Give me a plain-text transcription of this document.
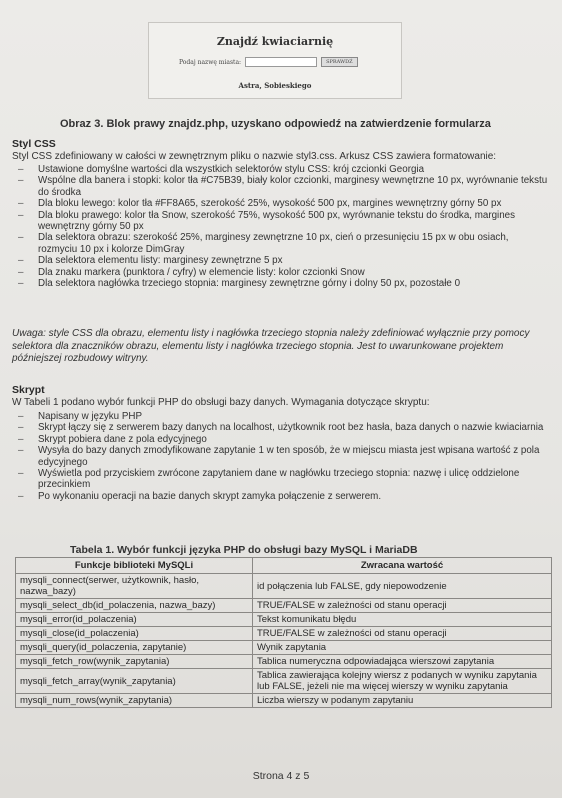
Znajdź kwiaciarnię
Podaj nazwę miasta:	SPRAWDŹ
Astra, Sobieskiego
Obraz 3. Blok prawy znajdz.php, uzyskano odpowiedź na zatwierdzenie formularza
Styl CSS
Styl CSS zdefiniowany w całości w zewnętrznym pliku o nazwie styl3.css. Arkusz CSS zawiera formatowanie:
– Ustawione domyślne wartości dla wszystkich selektorów stylu CSS: krój czcionki Georgia
– Wspólne dla banera i stopki: kolor tła #C75B39, biały kolor czcionki, marginesy wewnętrzne 10 px, wyrównanie tekstu do środka
– Dla bloku lewego: kolor tła #FF8A65, szerokość 25%, wysokość 500 px, margines wewnętrzny górny 50 px
– Dla bloku prawego: kolor tła Snow, szerokość 75%, wysokość 500 px, wyrównanie tekstu do środka, margines wewnętrzny górny 50 px
– Dla selektora obrazu: szerokość 25%, marginesy zewnętrzne 10 px, cień o przesunięciu 15 px w obu osiach, rozmyciu 10 px i kolorze DimGray
– Dla selektora elementu listy: marginesy zewnętrzne 5 px
– Dla znaku markera (punktora / cyfry) w elemencie listy: kolor czcionki Snow
– Dla selektora nagłówka trzeciego stopnia: marginesy zewnętrzne górny i dolny 50 px, pozostałe 0
Uwaga: style CSS dla obrazu, elementu listy i nagłówka trzeciego stopnia należy zdefiniować wyłącznie przy pomocy selektora dla znaczników obrazu, elementu listy i nagłówka trzeciego stopnia. Jest to uwarunkowane projektem późniejszej rozbudowy witryny.
Skrypt
W Tabeli 1 podano wybór funkcji PHP do obsługi bazy danych. Wymagania dotyczące skryptu:
– Napisany w języku PHP
– Skrypt łączy się z serwerem bazy danych na localhost, użytkownik root bez hasła, baza danych o nazwie kwiaciarnia
– Skrypt pobiera dane z pola edycyjnego
– Wysyła do bazy danych zmodyfikowane zapytanie 1 w ten sposób, że w miejscu miasta jest wpisana wartość z pola edycyjnego
– Wyświetla pod przyciskiem zwrócone zapytaniem dane w nagłówku trzeciego stopnia: nazwę i ulicę oddzielone przecinkiem
– Po wykonaniu operacji na bazie danych skrypt zamyka połączenie z serwerem.
Tabela 1. Wybór funkcji języka PHP do obsługi bazy MySQL i MariaDB
Funkcje biblioteki MySQLi	Zwracana wartość
mysqli_connect(serwer, użytkownik, hasło, nazwa_bazy)	id połączenia lub FALSE, gdy niepowodzenie
mysqli_select_db(id_polaczenia, nazwa_bazy)	TRUE/FALSE w zależności od stanu operacji
mysqli_error(id_polaczenia)	Tekst komunikatu błędu
mysqli_close(id_polaczenia)	TRUE/FALSE w zależności od stanu operacji
mysqli_query(id_polaczenia, zapytanie)	Wynik zapytania
mysqli_fetch_row(wynik_zapytania)	Tablica numeryczna odpowiadająca wierszowi zapytania
mysqli_fetch_array(wynik_zapytania)	Tablica zawierająca kolejny wiersz z podanych w wyniku zapytania lub FALSE, jeżeli nie ma więcej wierszy w wyniku zapytania
mysqli_num_rows(wynik_zapytania)	Liczba wierszy w podanym zapytaniu
Strona 4 z 5
